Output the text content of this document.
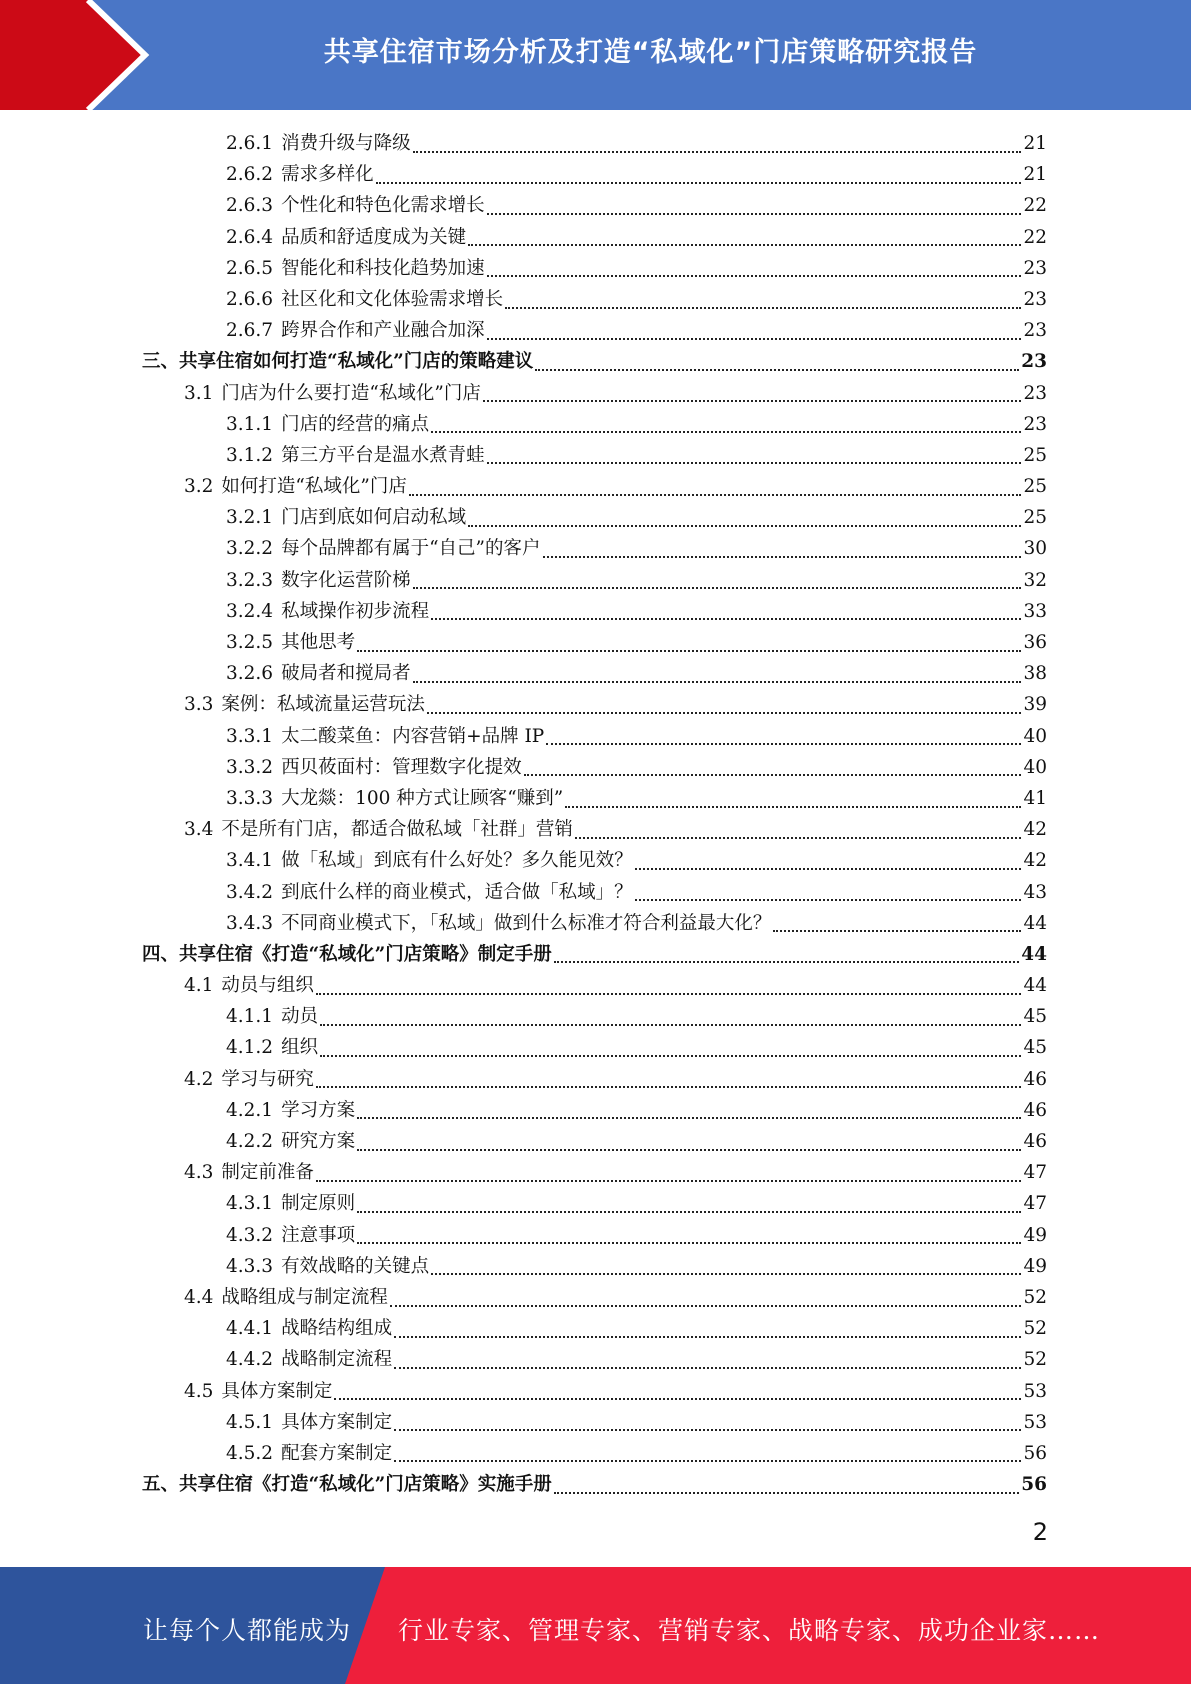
共享住宿市场分析及打造“私域化”门店策略研究报告
2.6.1 消费升级与降级	21
2.6.2 需求多样化	21
2.6.3 个性化和特色化需求增长	22
2.6.4 品质和舒适度成为关键	22
2.6.5 智能化和科技化趋势加速	23
2.6.6 社区化和文化体验需求增长	23
2.6.7 跨界合作和产业融合加深	23
三、 共享住宿如何打造“私域化”门店的策略建议	23
3.1 门店为什么要打造“私域化”门店	23
3.1.1 门店的经营的痛点	23
3.1.2 第三方平台是温水煮青蛙	25
3.2 如何打造“私域化”门店	25
3.2.1 门店到底如何启动私域	25
3.2.2 每个品牌都有属于“自己”的客户	30
3.2.3 数字化运营阶梯	32
3.2.4 私域操作初步流程	33
3.2.5 其他思考	36
3.2.6 破局者和搅局者	38
3.3 案例：私域流量运营玩法	39
3.3.1 太二酸菜鱼：内容营销+品牌 IP	40
3.3.2 西贝莜面村：管理数字化提效	40
3.3.3 大龙燚：100 种方式让顾客“赚到”	41
3.4 不是所有门店，都适合做私域「社群」营销	42
3.4.1 做「私域」到底有什么好处？多久能见效？	42
3.4.2 到底什么样的商业模式，适合做「私域」？	43
3.4.3 不同商业模式下，「私域」做到什么标准才符合利益最大化？	44
四、 共享住宿《打造“私域化”门店策略》制定手册	44
4.1 动员与组织	44
4.1.1 动员	45
4.1.2 组织	45
4.2 学习与研究	46
4.2.1 学习方案	46
4.2.2 研究方案	46
4.3 制定前准备	47
4.3.1 制定原则	47
4.3.2 注意事项	49
4.3.3 有效战略的关键点	49
4.4 战略组成与制定流程	52
4.4.1 战略结构组成	52
4.4.2 战略制定流程	52
4.5 具体方案制定	53
4.5.1 具体方案制定	53
4.5.2 配套方案制定	56
五、 共享住宿《打造“私域化”门店策略》实施手册	56
2
让每个人都能成为 行业专家、管理专家、营销专家、战略专家、成功企业家……
